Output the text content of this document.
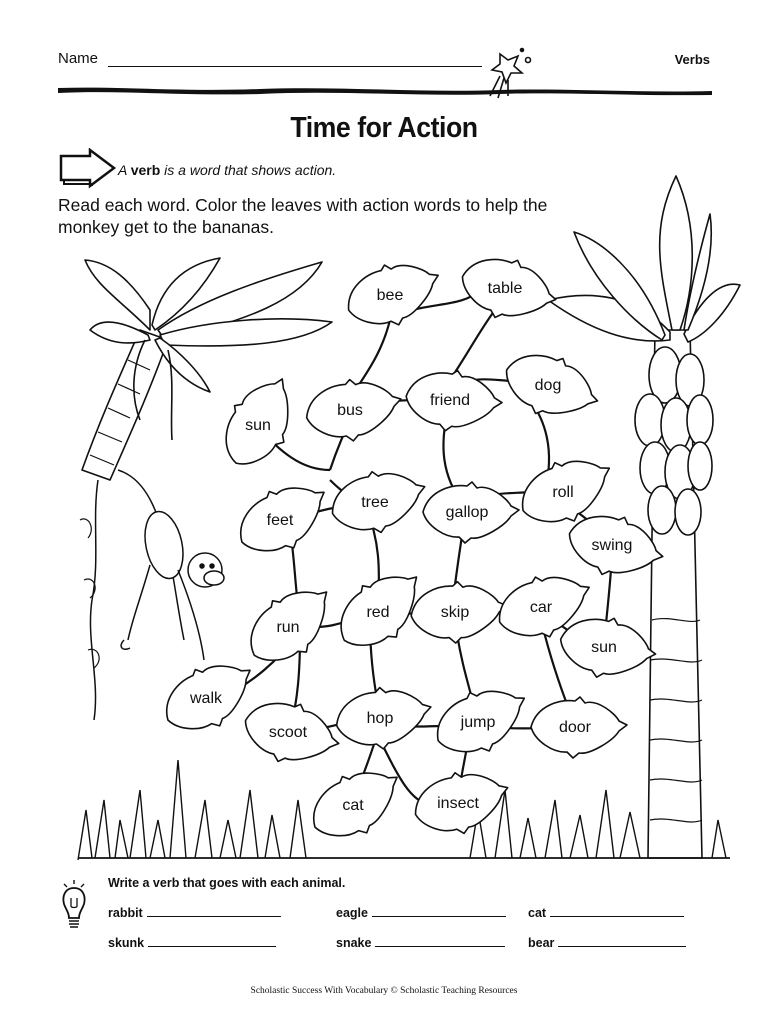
Name	Verbs
Time for Action
A verb is a word that shows action.
Read each word. Color the leaves with action words to help the monkey get to the bananas.
bee	table
bus
friend
dog
sun
tree
gallop
roll
feet
swing
red	skip	car
run
sun
walk
hop	jump	door
scoot
cat	insect
Write a verb that goes with each animal.
rabbit	eagle	cat
skunk	snake	bear
Scholastic Success With Vocabulary © Scholastic Teaching Resources
